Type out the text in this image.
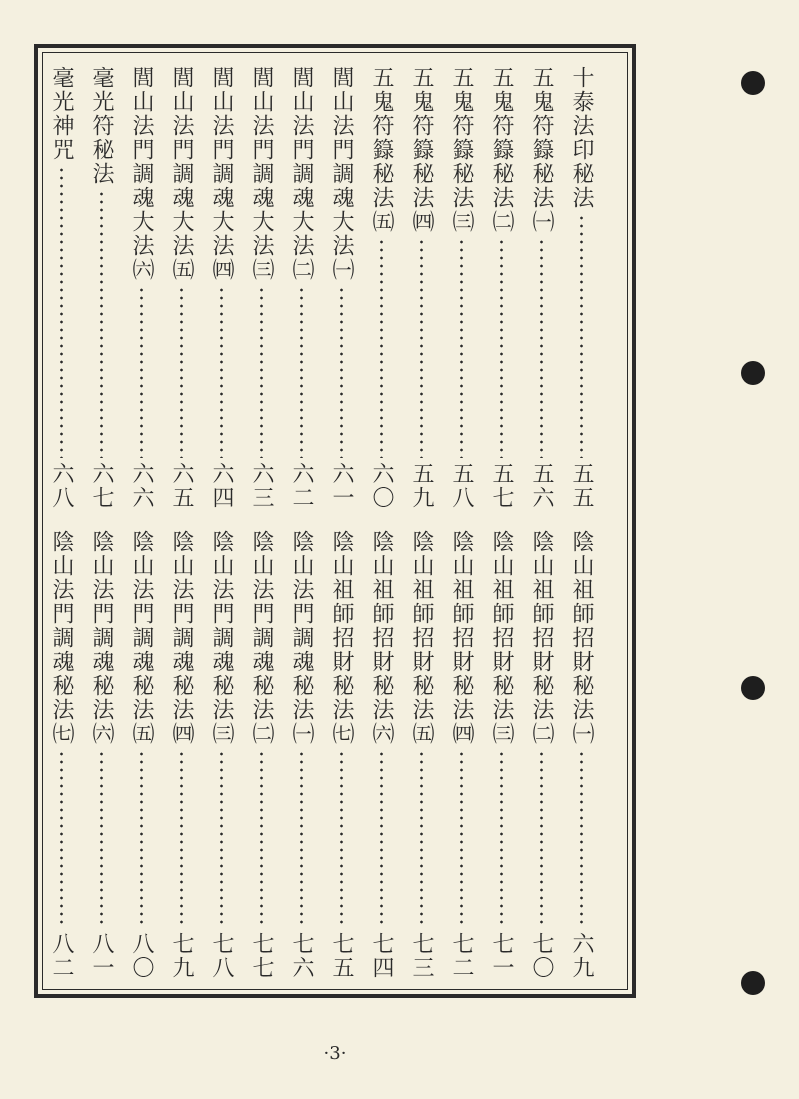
十泰法印秘法
五五
五鬼符籙秘法㈠
五六
五鬼符籙秘法㈡
五七
五鬼符籙秘法㈢
五八
五鬼符籙秘法㈣
五九
五鬼符籙秘法㈤
六〇
閭山法門調魂大法㈠
六一
閭山法門調魂大法㈡
六二
閭山法門調魂大法㈢
六三
閭山法門調魂大法㈣
六四
閭山法門調魂大法㈤
六五
閭山法門調魂大法㈥
六六
毫光符秘法
六七
毫光神咒
六八
陰山祖師招財秘法㈠
六九
陰山祖師招財秘法㈡
七〇
陰山祖師招財秘法㈢
七一
陰山祖師招財秘法㈣
七二
陰山祖師招財秘法㈤
七三
陰山祖師招財秘法㈥
七四
陰山祖師招財秘法㈦
七五
陰山法門調魂秘法㈠
七六
陰山法門調魂秘法㈡
七七
陰山法門調魂秘法㈢
七八
陰山法門調魂秘法㈣
七九
陰山法門調魂秘法㈤
八〇
陰山法門調魂秘法㈥
八一
陰山法門調魂秘法㈦
八二
·3·
